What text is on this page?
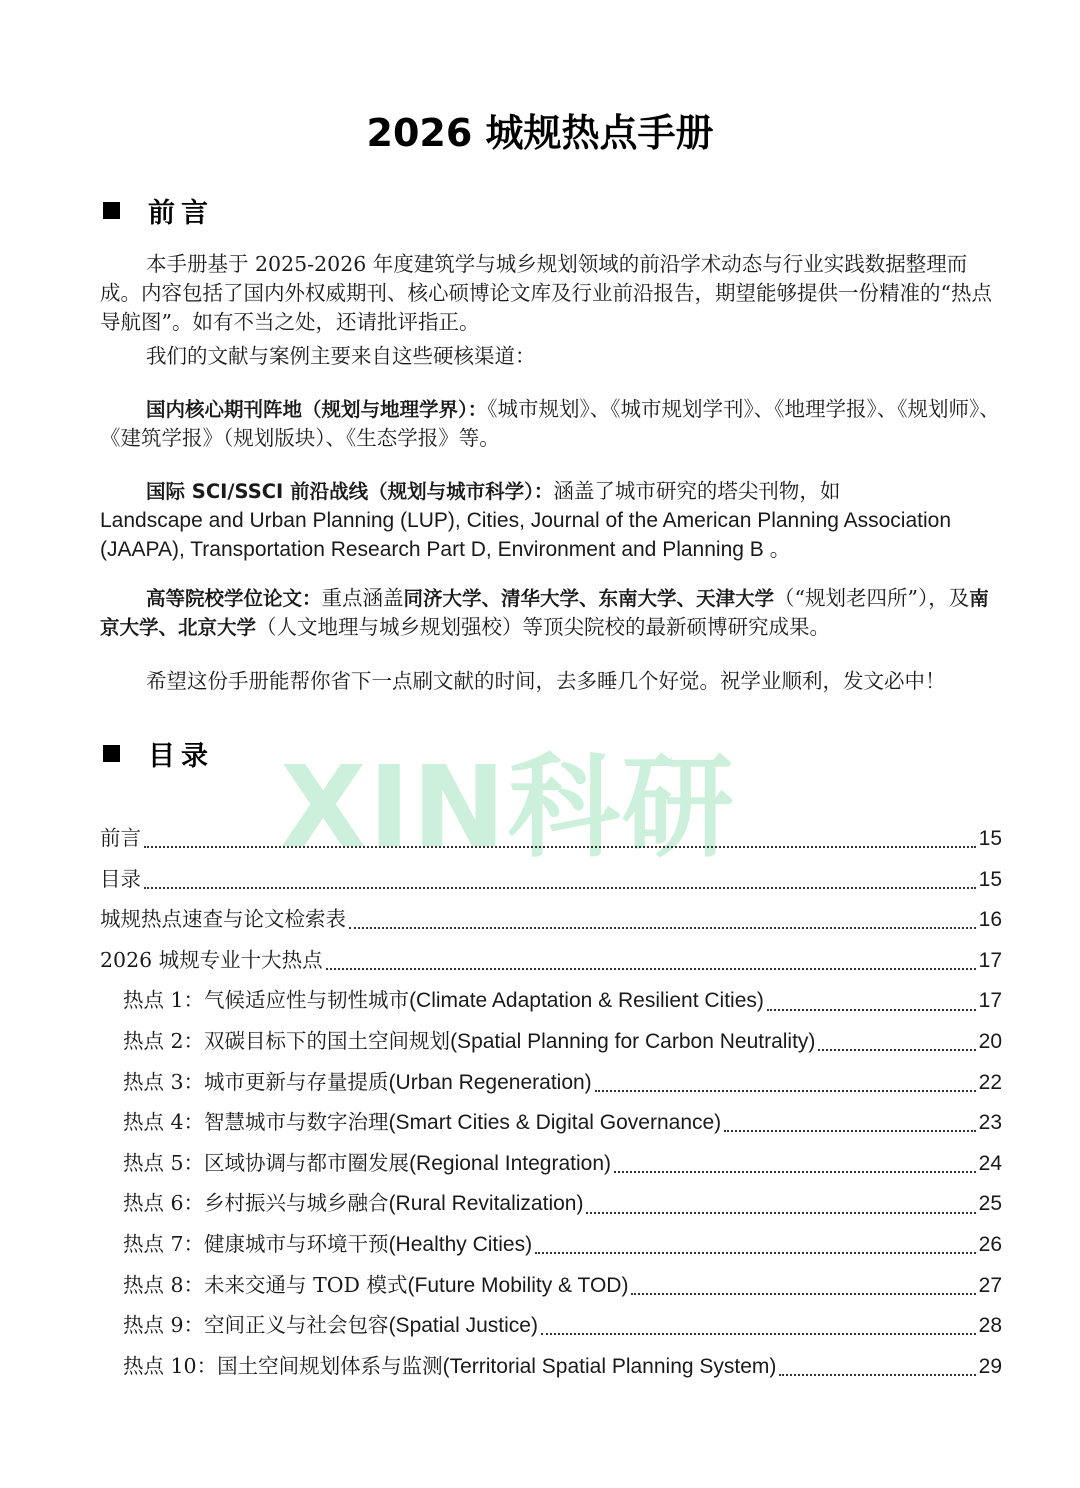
2026 城规热点手册
前言
本手册基于 2025-2026 年度建筑学与城乡规划领域的前沿学术动态与行业实践数据整理而成。内容包括了国内外权威期刊、核心硕博论文库及行业前沿报告，期望能够提供一份精准的“热点导航图”。如有不当之处，还请批评指正。
我们的文献与案例主要来自这些硬核渠道：
国内核心期刊阵地（规划与地理学界）：《城市规划》、《城市规划学刊》、《地理学报》、《规划师》、《建筑学报》（规划版块）、《生态学报》等。
国际 SCI/SSCI 前沿战线（规划与城市科学）：涵盖了城市研究的塔尖刊物，如
Landscape and Urban Planning (LUP), Cities, Journal of the American Planning Association
(JAAPA), Transportation Research Part D, Environment and Planning B 。
高等院校学位论文：重点涵盖同济大学、清华大学、东南大学、天津大学（“规划老四所”），及南京大学、北京大学（人文地理与城乡规划强校）等顶尖院校的最新硕博研究成果。
希望这份手册能帮你省下一点刷文献的时间，去多睡几个好觉。祝学业顺利，发文必中！
目录 XIN科研
前言	15
目录	15
城规热点速查与论文检索表	16
2026 城规专业十大热点	17
热点 1：气候适应性与韧性城市 (Climate Adaptation & Resilient Cities)	17
热点 2：双碳目标下的国土空间规划 (Spatial Planning for Carbon Neutrality)	20
热点 3：城市更新与存量提质 (Urban Regeneration)	22
热点 4：智慧城市与数字治理 (Smart Cities & Digital Governance)	23
热点 5：区域协调与都市圈发展 (Regional Integration)	24
热点 6：乡村振兴与城乡融合 (Rural Revitalization)	25
热点 7：健康城市与环境干预 (Healthy Cities)	26
热点 8：未来交通与 TOD 模式 (Future Mobility & TOD)	27
热点 9：空间正义与社会包容 (Spatial Justice)	28
热点 10：国土空间规划体系与监测 (Territorial Spatial Planning System)	29
